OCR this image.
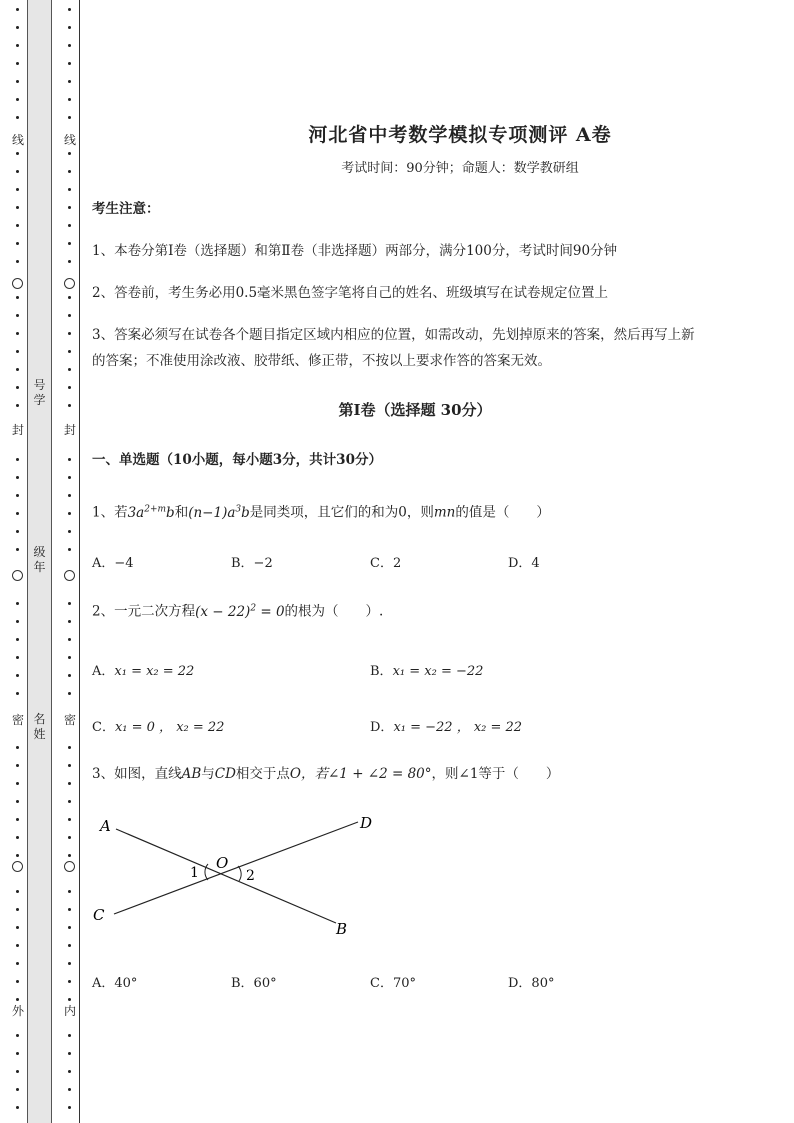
线
封
密
外
号
学
级
年
名
姓
线
封
密
内
河北省中考数学模拟专项测评 A卷
考试时间：90分钟；命题人：数学教研组
考生注意：
1、本卷分第I卷（选择题）和第Ⅱ卷（非选择题）两部分，满分100分，考试时间90分钟
2、答卷前，考生务必用0.5毫米黑色签字笔将自己的姓名、班级填写在试卷规定位置上
3、答案必须写在试卷各个题目指定区域内相应的位置，如需改动，先划掉原来的答案，然后再写上新
的答案；不准使用涂改液、胶带纸、修正带，不按以上要求作答的答案无效。
第I卷（选择题 30分）
一、单选题（10小题，每小题3分，共计30分）
1、若$3a^{2+m}b$和$(n-1)a^3b$是同类项，且它们的和为0，则mn的值是（　　）
A．−4	B．−2	C．2	D．4
2、一元二次方程$(x - 22)^2 = 0$的根为（　　）.
A．x₁ = x₂ = 22	B．x₁ = x₂ = −22
C．x₁ = 0 ， x₂ = 22	D．x₁ = −22 ， x₂ = 22
3、如图，直线AB与CD相交于点O，若∠1 + ∠2 = 80°，则∠1等于（　　）
A	D
C
B
O
1	2
A．40°	B．60°	C．70°	D．80°
